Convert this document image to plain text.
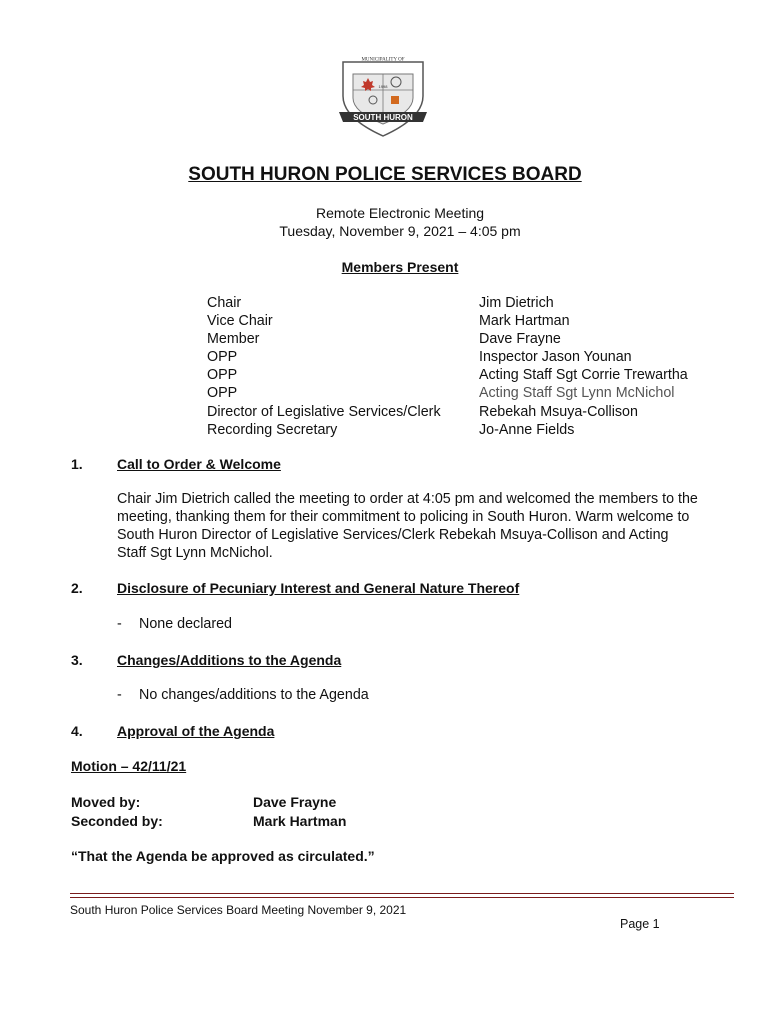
SOUTH HURON
MUNICIPALITY OF
1998
SOUTH HURON POLICE SERVICES BOARD
Remote Electronic Meeting
Tuesday, November 9, 2021 – 4:05 pm
Members Present
Chair
Vice Chair
Member
OPP
OPP
OPP
Director of Legislative Services/Clerk
Recording Secretary
Jim Dietrich
Mark Hartman
Dave Frayne
Inspector Jason Younan
Acting Staff Sgt Corrie Trewartha
Acting Staff Sgt Lynn McNichol
Rebekah Msuya-Collison
Jo-Anne Fields
1. Call to Order & Welcome
Chair Jim Dietrich called the meeting to order at 4:05 pm and welcomed the members to the
meeting, thanking them for their commitment to policing in South Huron. Warm welcome to
South Huron Director of Legislative Services/Clerk Rebekah Msuya-Collison and Acting
Staff Sgt Lynn McNichol.
2. Disclosure of Pecuniary Interest and General Nature Thereof
- None declared
3. Changes/Additions to the Agenda
- No changes/additions to the Agenda
4. Approval of the Agenda
Motion – 42/11/21
Moved by:	Dave Frayne
Seconded by:	Mark Hartman
“That the Agenda be approved as circulated.”
South Huron Police Services Board Meeting November 9, 2021
Page 1
